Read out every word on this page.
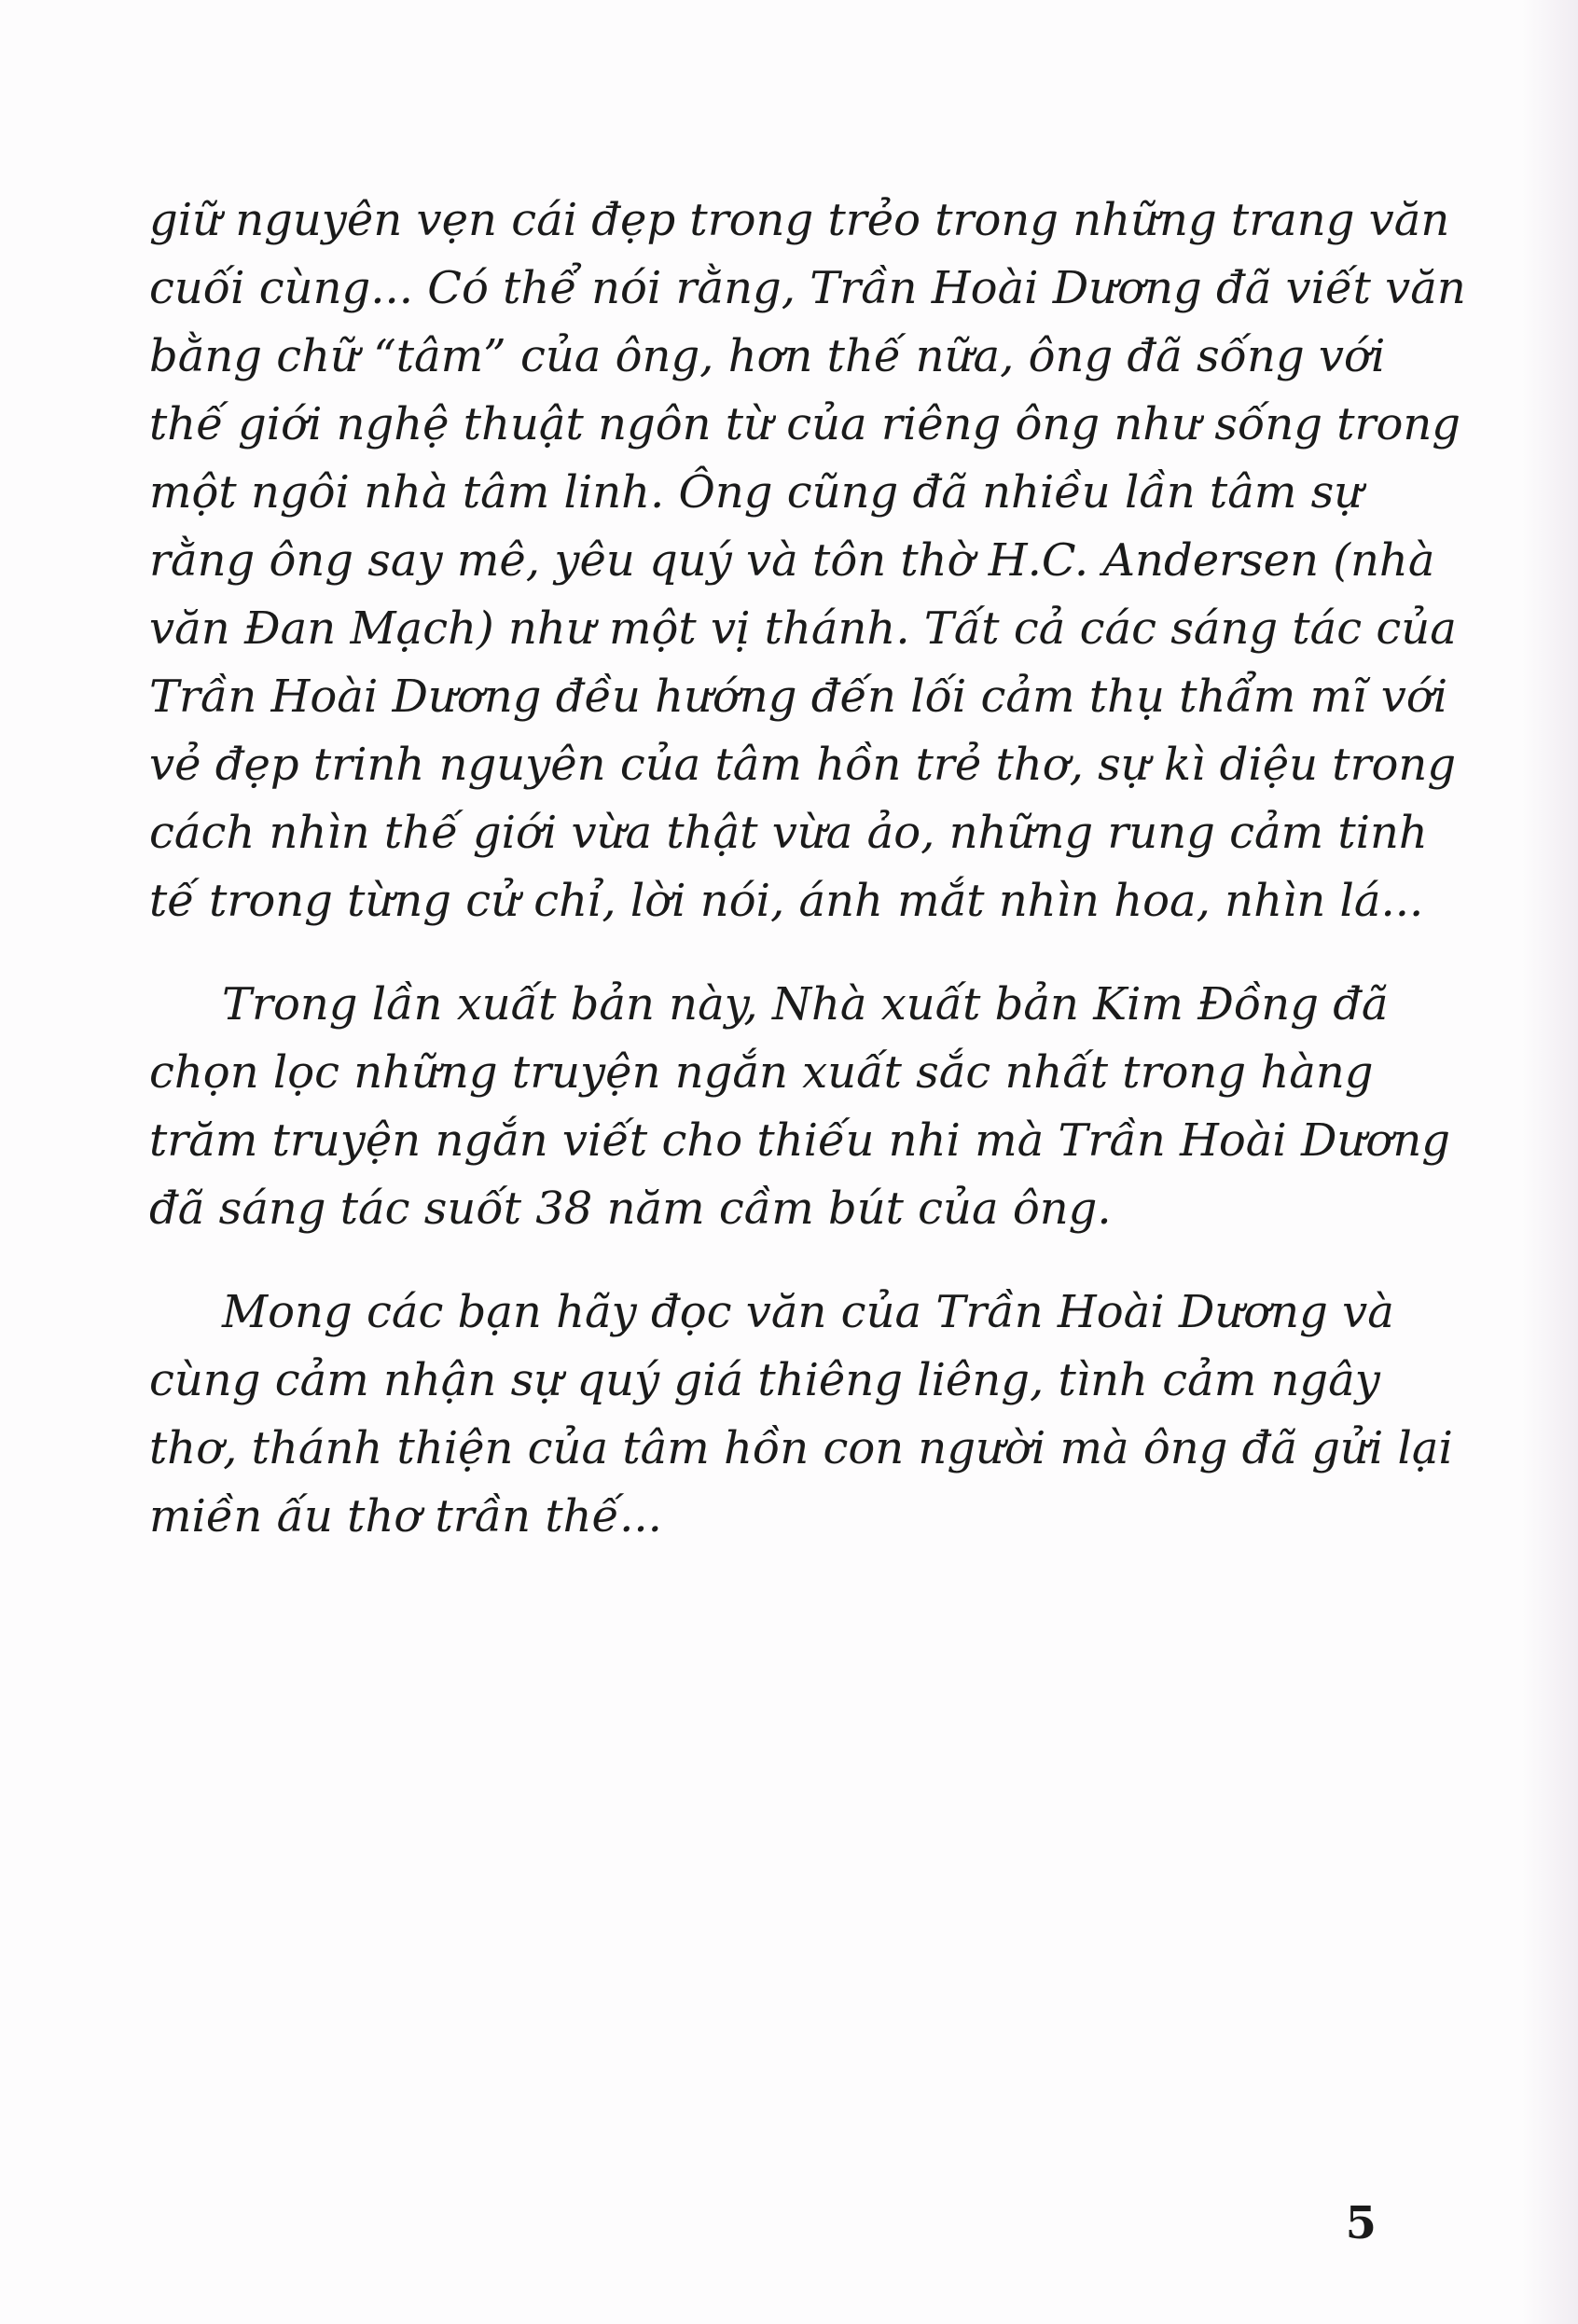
giữ nguyên vẹn cái đẹp trong trẻo trong những trang văn
cuối cùng... Có thể nói rằng, Trần Hoài Dương đã viết văn
bằng chữ “tâm” của ông, hơn thế nữa, ông đã sống với
thế giới nghệ thuật ngôn từ của riêng ông như sống trong
một ngôi nhà tâm linh. Ông cũng đã nhiều lần tâm sự
rằng ông say mê, yêu quý và tôn thờ H.C. Andersen (nhà
văn Đan Mạch) như một vị thánh. Tất cả các sáng tác của
Trần Hoài Dương đều hướng đến lối cảm thụ thẩm mĩ với
vẻ đẹp trinh nguyên của tâm hồn trẻ thơ, sự kì diệu trong
cách nhìn thế giới vừa thật vừa ảo, những rung cảm tinh
tế trong từng cử chỉ, lời nói, ánh mắt nhìn hoa, nhìn lá...
Trong lần xuất bản này, Nhà xuất bản Kim Đồng đã
chọn lọc những truyện ngắn xuất sắc nhất trong hàng
trăm truyện ngắn viết cho thiếu nhi mà Trần Hoài Dương
đã sáng tác suốt 38 năm cầm bút của ông.
Mong các bạn hãy đọc văn của Trần Hoài Dương và
cùng cảm nhận sự quý giá thiêng liêng, tình cảm ngây
thơ, thánh thiện của tâm hồn con người mà ông đã gửi lại
miền ấu thơ trần thế...
5
